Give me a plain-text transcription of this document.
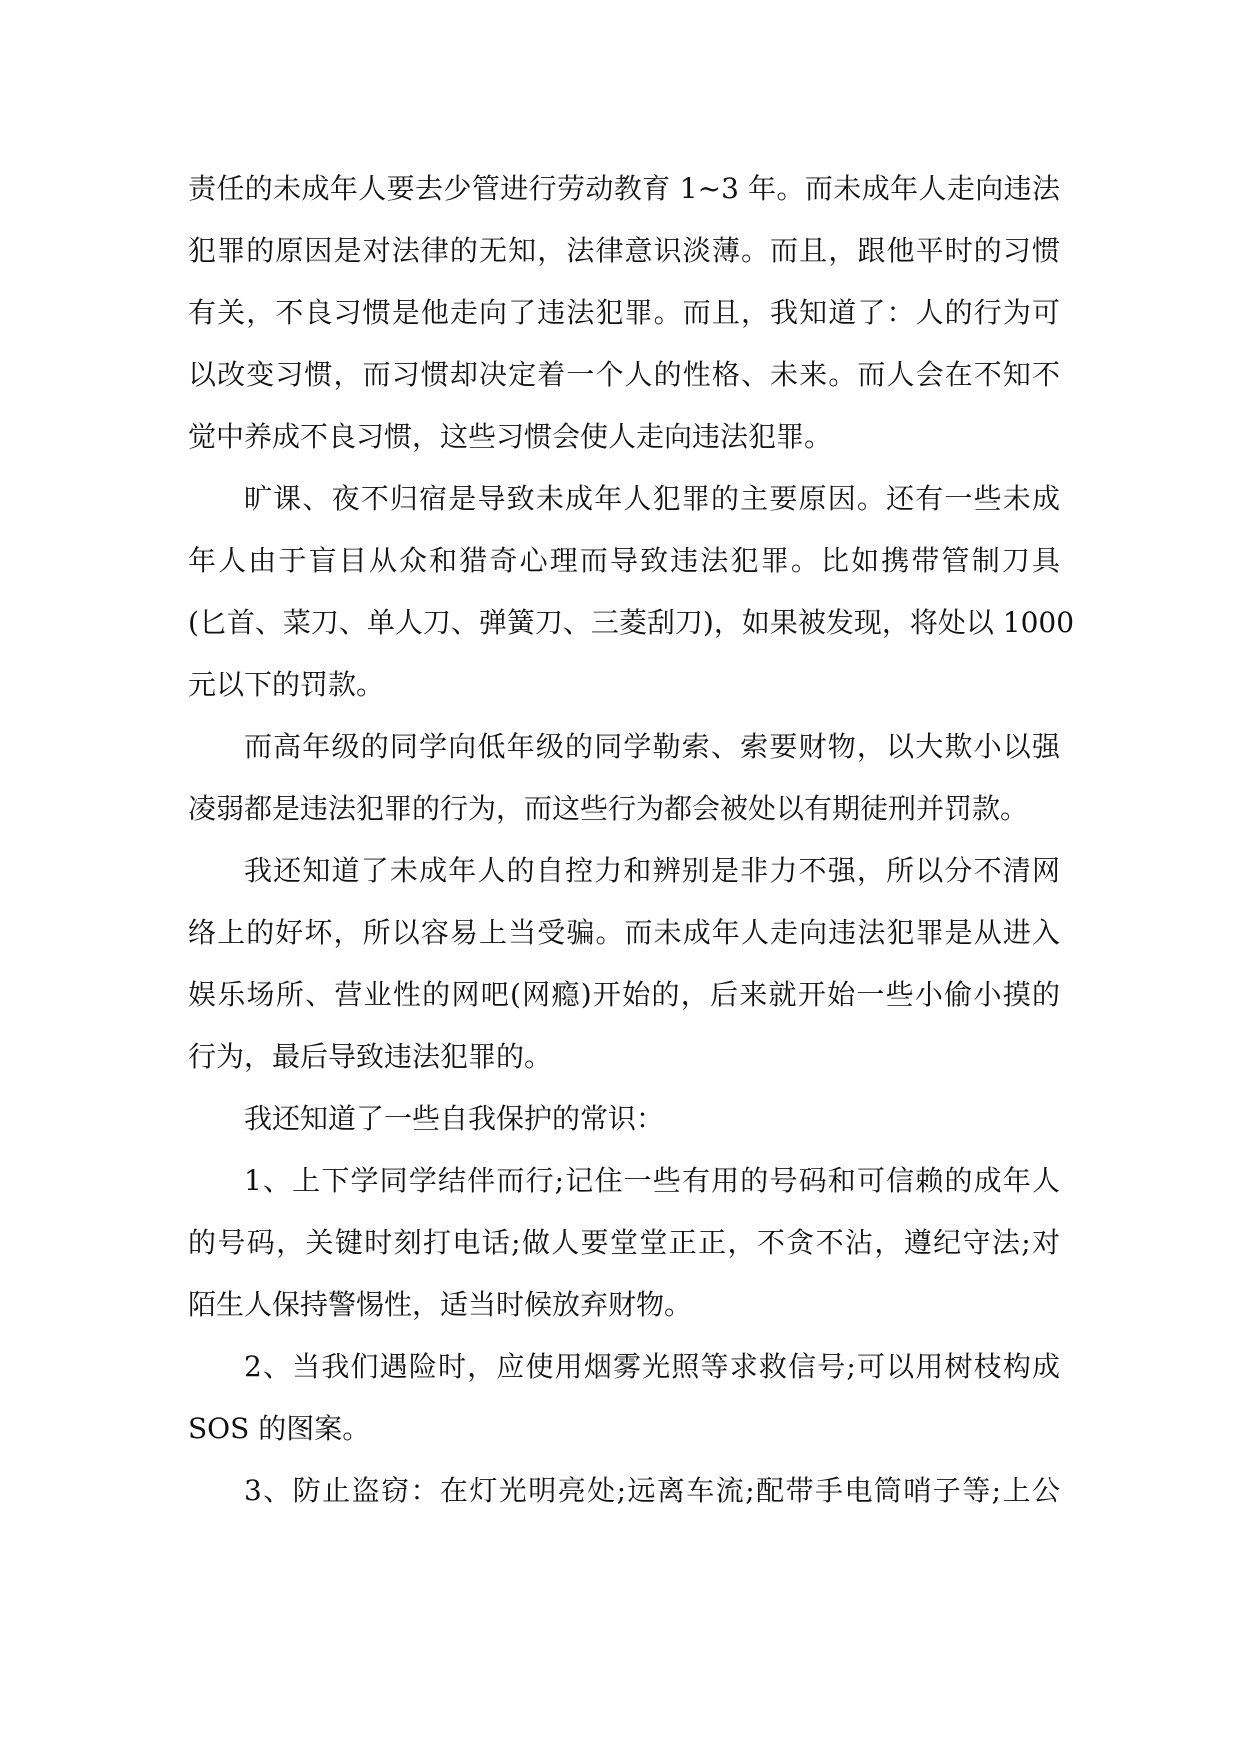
责任的未成年人要去少管进行劳动教育 1~3 年。而未成年人走向违法
犯罪的原因是对法律的无知，法律意识淡薄。而且，跟他平时的习惯
有关，不良习惯是他走向了违法犯罪。而且，我知道了：人的行为可
以改变习惯，而习惯却决定着一个人的性格、未来。而人会在不知不
觉中养成不良习惯，这些习惯会使人走向违法犯罪。
旷课、夜不归宿是导致未成年人犯罪的主要原因。还有一些未成
年人由于盲目从众和猎奇心理而导致违法犯罪。比如携带管制刀具
(匕首、菜刀、单人刀、弹簧刀、三菱刮刀)，如果被发现，将处以 1000
元以下的罚款。
而高年级的同学向低年级的同学勒索、索要财物，以大欺小以强
凌弱都是违法犯罪的行为，而这些行为都会被处以有期徒刑并罚款。
我还知道了未成年人的自控力和辨别是非力不强，所以分不清网
络上的好坏，所以容易上当受骗。而未成年人走向违法犯罪是从进入
娱乐场所、营业性的网吧(网瘾)开始的，后来就开始一些小偷小摸的
行为，最后导致违法犯罪的。
我还知道了一些自我保护的常识：
1、上下学同学结伴而行;记住一些有用的号码和可信赖的成年人
的号码，关键时刻打电话;做人要堂堂正正，不贪不沾，遵纪守法;对
陌生人保持警惕性，适当时候放弃财物。
2、当我们遇险时，应使用烟雾光照等求救信号;可以用树枝构成
SOS 的图案。
3、防止盗窃：在灯光明亮处;远离车流;配带手电筒哨子等;上公
